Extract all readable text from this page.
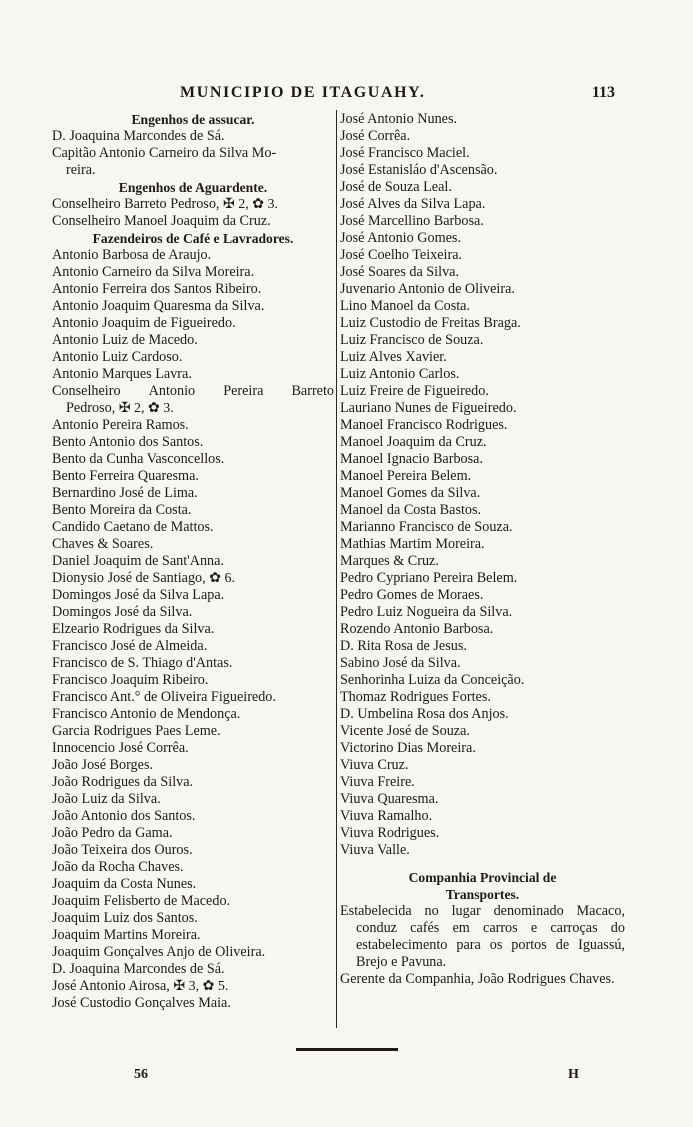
MUNICIPIO DE ITAGUAHY.	113
Engenhos de assucar.
D. Joaquina Marcondes de Sá.
Capitão Antonio Carneiro da Silva Mo-
reira.
Engenhos de Aguardente.
Conselheiro Barreto Pedroso, ✠ 2, ✿ 3.
Conselheiro Manoel Joaquim da Cruz.
Fazendeiros de Café e Lavradores.
Antonio Barbosa de Araujo.
Antonio Carneiro da Silva Moreira.
Antonio Ferreira dos Santos Ribeiro.
Antonio Joaquim Quaresma da Silva.
Antonio Joaquim de Figueiredo.
Antonio Luiz de Macedo.
Antonio Luiz Cardoso.
Antonio Marques Lavra.
Conselheiro Antonio Pereira Barreto
Pedroso, ✠ 2, ✿ 3.
Antonio Pereira Ramos.
Bento Antonio dos Santos.
Bento da Cunha Vasconcellos.
Bento Ferreira Quaresma.
Bernardino José de Lima.
Bento Moreira da Costa.
Candido Caetano de Mattos.
Chaves & Soares.
Daniel Joaquim de Sant'Anna.
Dionysio José de Santiago, ✿ 6.
Domingos José da Silva Lapa.
Domingos José da Silva.
Elzeario Rodrigues da Silva.
Francisco José de Almeida.
Francisco de S. Thiago d'Antas.
Francisco Joaquim Ribeiro.
Francisco Ant.° de Oliveira Figueiredo.
Francisco Antonio de Mendonça.
Garcia Rodrigues Paes Leme.
Innocencio José Corrêa.
João José Borges.
João Rodrigues da Silva.
João Luiz da Silva.
João Antonio dos Santos.
João Pedro da Gama.
João Teixeira dos Ouros.
João da Rocha Chaves.
Joaquim da Costa Nunes.
Joaquim Felisberto de Macedo.
Joaquim Luiz dos Santos.
Joaquim Martins Moreira.
Joaquim Gonçalves Anjo de Oliveira.
D. Joaquina Marcondes de Sá.
José Antonio Airosa, ✠ 3, ✿ 5.
José Custodio Gonçalves Maia.
José Antonio Nunes.
José Corrêa.
José Francisco Maciel.
José Estanisláo d'Ascensão.
José de Souza Leal.
José Alves da Silva Lapa.
José Marcellino Barbosa.
José Antonio Gomes.
José Coelho Teixeira.
José Soares da Silva.
Juvenario Antonio de Oliveira.
Lino Manoel da Costa.
Luiz Custodio de Freitas Braga.
Luiz Francisco de Souza.
Luiz Alves Xavier.
Luiz Antonio Carlos.
Luiz Freire de Figueiredo.
Lauriano Nunes de Figueiredo.
Manoel Francisco Rodrigues.
Manoel Joaquim da Cruz.
Manoel Ignacio Barbosa.
Manoel Pereira Belem.
Manoel Gomes da Silva.
Manoel da Costa Bastos.
Marianno Francisco de Souza.
Mathias Martim Moreira.
Marques & Cruz.
Pedro Cypriano Pereira Belem.
Pedro Gomes de Moraes.
Pedro Luiz Nogueira da Silva.
Rozendo Antonio Barbosa.
D. Rita Rosa de Jesus.
Sabino José da Silva.
Senhorinha Luiza da Conceição.
Thomaz Rodrigues Fortes.
D. Umbelina Rosa dos Anjos.
Vicente José de Souza.
Victorino Dias Moreira.
Viuva Cruz.
Viuva Freire.
Viuva Quaresma.
Viuva Ramalho.
Viuva Rodrigues.
Viuva Valle.
Companhia Provincial de
Transportes.
Estabelecida no lugar denominado Macaco, conduz cafés em carros e carroças do estabelecimento para os portos de Iguassú, Brejo e Pavuna.
Gerente da Companhia, João Rodrigues Chaves.
56	H
